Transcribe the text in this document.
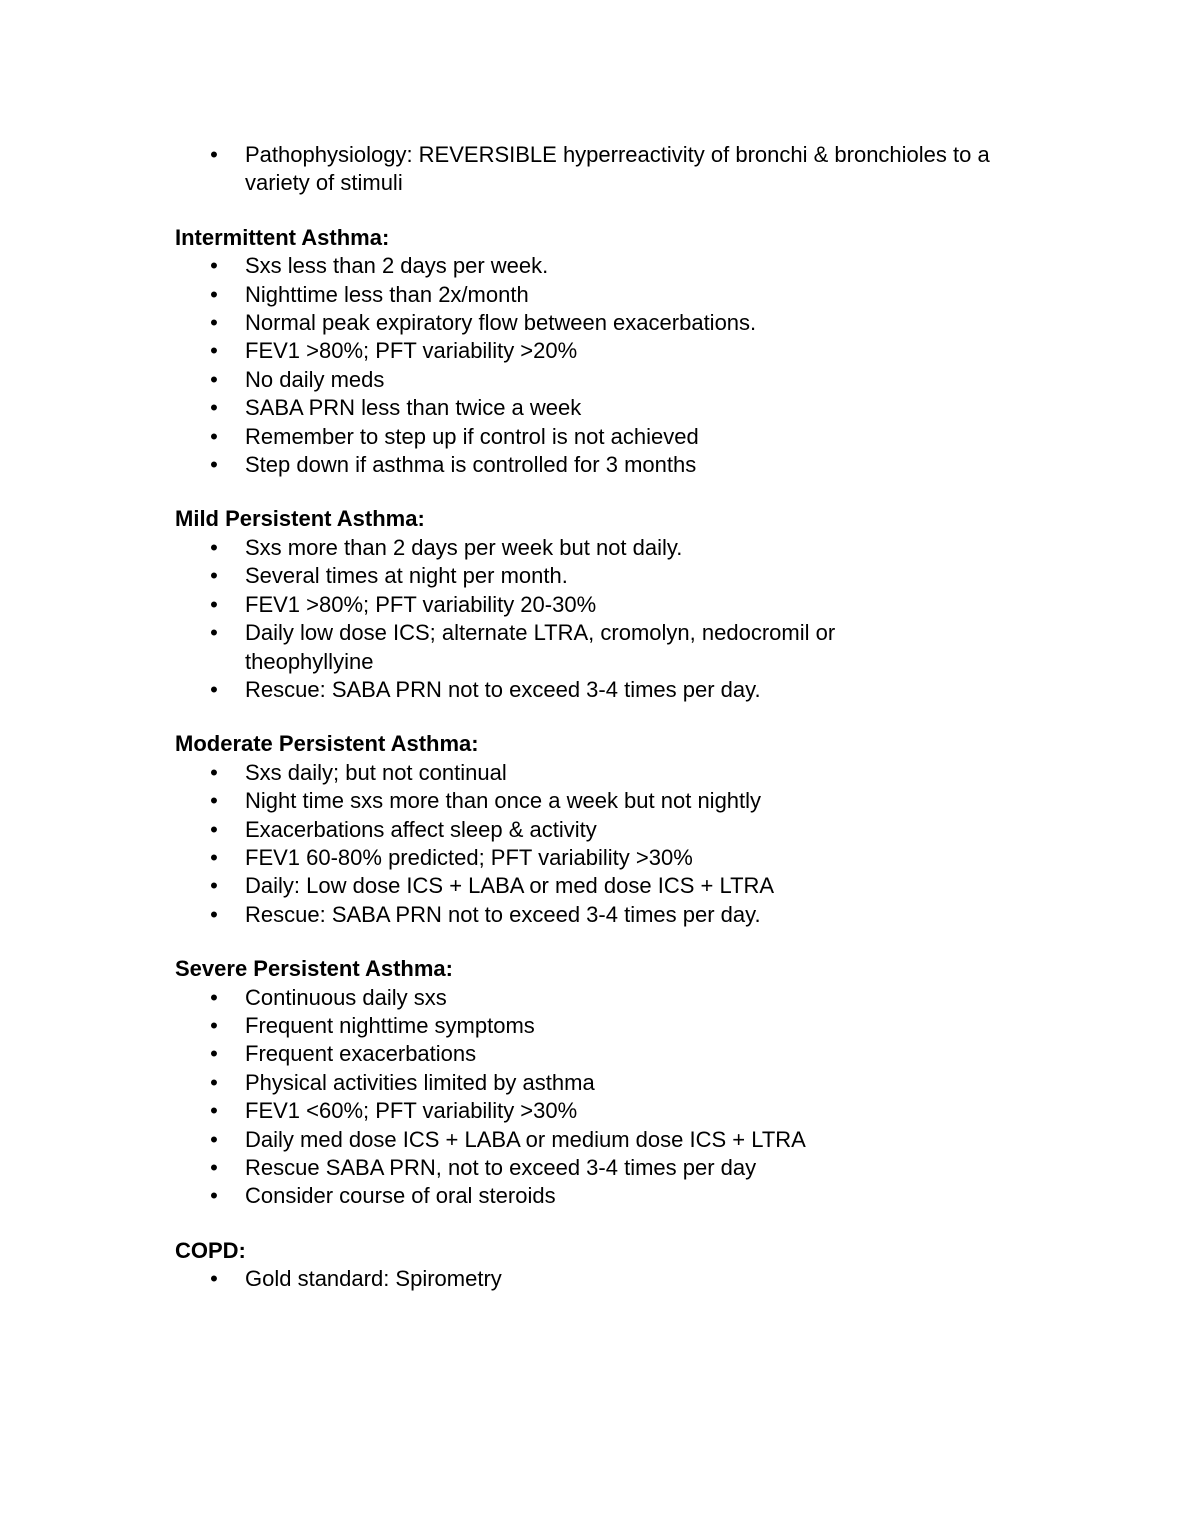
• Pathophysiology: REVERSIBLE hyperreactivity of bronchi & bronchioles to a variety of stimuli
Intermittent Asthma:
• Sxs less than 2 days per week.
• Nighttime less than 2x/month
• Normal peak expiratory flow between exacerbations.
• FEV1 >80%; PFT variability >20%
• No daily meds
• SABA PRN less than twice a week
• Remember to step up if control is not achieved
• Step down if asthma is controlled for 3 months
Mild Persistent Asthma:
• Sxs more than 2 days per week but not daily.
• Several times at night per month.
• FEV1 >80%; PFT variability 20-30%
• Daily low dose ICS; alternate LTRA, cromolyn, nedocromil or theophyllyine
• Rescue: SABA PRN not to exceed 3-4 times per day.
Moderate Persistent Asthma:
• Sxs daily; but not continual
• Night time sxs more than once a week but not nightly
• Exacerbations affect sleep & activity
• FEV1 60-80% predicted; PFT variability >30%
• Daily: Low dose ICS + LABA or med dose ICS + LTRA
• Rescue: SABA PRN not to exceed 3-4 times per day.
Severe Persistent Asthma:
• Continuous daily sxs
• Frequent nighttime symptoms
• Frequent exacerbations
• Physical activities limited by asthma
• FEV1 <60%; PFT variability >30%
• Daily med dose ICS + LABA or medium dose ICS + LTRA
• Rescue SABA PRN, not to exceed 3-4 times per day
• Consider course of oral steroids
COPD:
• Gold standard: Spirometry
